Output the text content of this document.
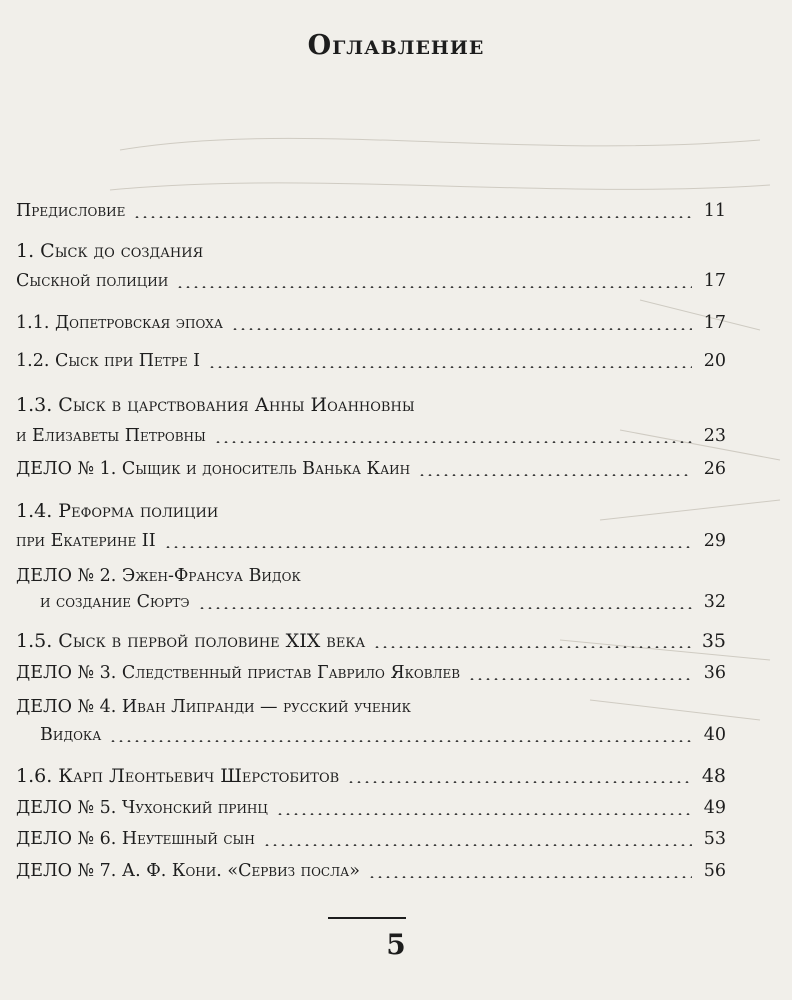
Оглавление
Предисловие	11
1. Сыск до создания
Сыскной полиции	17
1.1. Допетровская эпоха	17
1.2. Сыск при Петре I	20
1.3. Сыск в царствования Анны Иоанновны
и Елизаветы Петровны	23
ДЕЛО № 1. Сыщик и доноситель Ванька Каин	26
1.4. Реформа полиции
при Екатерине II	29
ДЕЛО № 2. Эжен-Франсуа Видок
и создание Сюртэ	32
1.5. Сыск в первой половине XIX века	35
ДЕЛО № 3. Следственный пристав Гаврило Яковлев	36
ДЕЛО № 4. Иван Липранди — русский ученик
Видока	40
1.6. Карп Леонтьевич Шерстобитов	48
ДЕЛО № 5. Чухонский принц	49
ДЕЛО № 6. Неутешный сын	53
ДЕЛО № 7. А. Ф. Кони. «Сервиз посла»	56
5
